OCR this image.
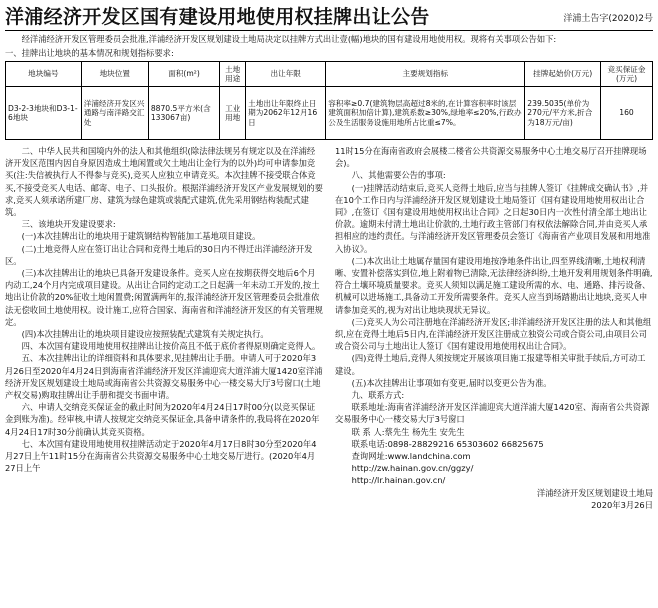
洋浦经济开发区国有建设用地使用权挂牌出让公告	洋浦土告字(2020)2号

经洋浦经济开发区管理委员会批准,洋浦经济开发区规划建设土地局决定以挂牌方式出让壹(幅)地块的国有建设用地使用权。现将有关事项公告如下:

一、挂牌出让地块的基本情况和规划指标要求:

地块编号	地块位置	面积(m²)	土地用途	出让年限	主要规划指标	挂牌起始价(万元)	竞买保证金(万元)
D3-2-3地块和D3-1-6地块	洋浦经济开发区兴通路与南洋路交汇处	8870.5平方米(含133067亩)	工业用地	土地出让年限终止日期为2062年12月16日	容积率≥0.7(建筑物层高超过8米的,在计算容积率时该层建筑面积加倍计算),建筑系数≥30%,绿地率≤20%,行政办公及生活服务设施用地所占比重≤7%。	239.5035(单价为270元/平方米,折合为18万元/亩)	160

二、中华人民共和国境内外的法人和其他组织(除法律法规另有规定以及在洋浦经济开发区范围内因自身原因造成土地闲置或欠土地出让金行为的以外)均可申请参加竞买(注:失信被执行人不得参与竞买),竞买人应独立申请竞买。本次挂牌不接受联合体竞买,不接受竞买人电话、邮寄、电子、口头报价。根据洋浦经济开发区产业发展规划的要求,竞买人须承诺所建厂房、建筑为绿色建筑或装配式建筑,优先采用钢结构装配式建筑。

三、该地块开发建设要求:

(一)本次挂牌出让的地块用于建筑钢结构智能加工基地项目建设。

(二)土地竞得人应在签订出让合同和竞得土地后的30日内不得迁出洋浦经济开发区。

(三)本次挂牌出让的地块已具备开发建设条件。竞买人应在按期获得交地后6个月内动工,24个月内完成项目建设。从出让合同约定动工之日起满一年未动工开发的,按土地出让价款的20%征收土地闲置费;闲置满两年的,报洋浦经济开发区管理委员会批准依法无偿收回土地使用权。设计施工,应符合国家、海南省和洋浦经济开发区的有关管理规定。

(四)本次挂牌出让的地块项目建设应按照装配式建筑有关规定执行。

四、本次国有建设用地使用权挂牌出让按价高且不低于底价者得原则确定竞得人。

五、本次挂牌出让的详细资料和具体要求,见挂牌出让手册。申请人可于2020年3月26日至2020年4月24日到海南省洋浦经济开发区洋浦迎宾大道洋浦大厦1420室洋浦经济开发区规划建设土地局或海南省公共资源交易服务中心一楼交易大厅3号窗口(土地产权交易)购取挂牌出让手册和提交书面申请。

六、申请人交纳竞买保证金的截止时间为2020年4月24日17时00分(以竞买保证金到账为准)。经审核,申请人按规定交纳竞买保证金,具备申请条件的,我局将在2020年4月24日17时30分前确认其竞买资格。

七、本次国有建设用地使用权挂牌活动定于2020年4月17日8时30分至2020年4月27日上午11时15分在海南省公共资源交易服务中心土地交易厅进行。(2020年4月27日上午

11时15分在海南省政府会展楼二楼省公共资源交易服务中心土地交易厅召开挂牌现场会)。

八、其他需要公告的事项:

(一)挂牌活动结束后,竞买人竞得土地后,应当与挂牌人签订《挂牌成交确认书》,并在10个工作日内与洋浦经济开发区规划建设土地局签订《国有建设用地使用权出让合同》,在签订《国有建设用地使用权出让合同》之日起30日内一次性付清全部土地出让价款。逾期未付清土地出让价款的,土地行政主管部门有权依法解除合同,并由竞买人承担相应的违约责任。与洋浦经济开发区管理委员会签订《海南省产业项目发展和用地准入协议》。

(二)本次出让土地属存量国有建设用地按净地条件出让,四至界线清晰,土地权利清晰、安置补偿落实到位,地上附着物已清除,无法律经济纠纷,土地开发利用规划条件明确,符合土壤环境质量要求。竞买人须知以满足施工建设所需的水、电、通路、排污设备、机械可以进场施工,具备动工开发所需要条件。竞买人应当到场踏勘出让地块,竞买人申请参加竞买的,视为对出让地块现状无异议。

(三)竞买人为公司注册地在洋浦经济开发区;非洋浦经济开发区注册的法人和其他组织,应在竞得土地后5日内,在洋浦经济开发区注册成立独资公司或合资公司,由项目公司或合资公司与土地出让人签订《国有建设用地使用权出让合同》。

(四)竞得土地后,竞得人须按规定开展该项目施工报建等相关审批手续后,方可动工建设。

(五)本次挂牌出让事项如有变更,届时以变更公告为准。

九、联系方式:

联系地址:海南省洋浦经济开发区洋浦迎宾大道洋浦大厦1420室、海南省公共资源交易服务中心一楼交易大厅3号窗口

联 系 人:蔡先生 杨先生 安先生

联系电话:0898-28829216 65303602 66825675

查询网址:www.landchina.com

http://zw.hainan.gov.cn/ggzy/

http://lr.hainan.gov.cn/

洋浦经济开发区规划建设土地局

2020年3月26日
